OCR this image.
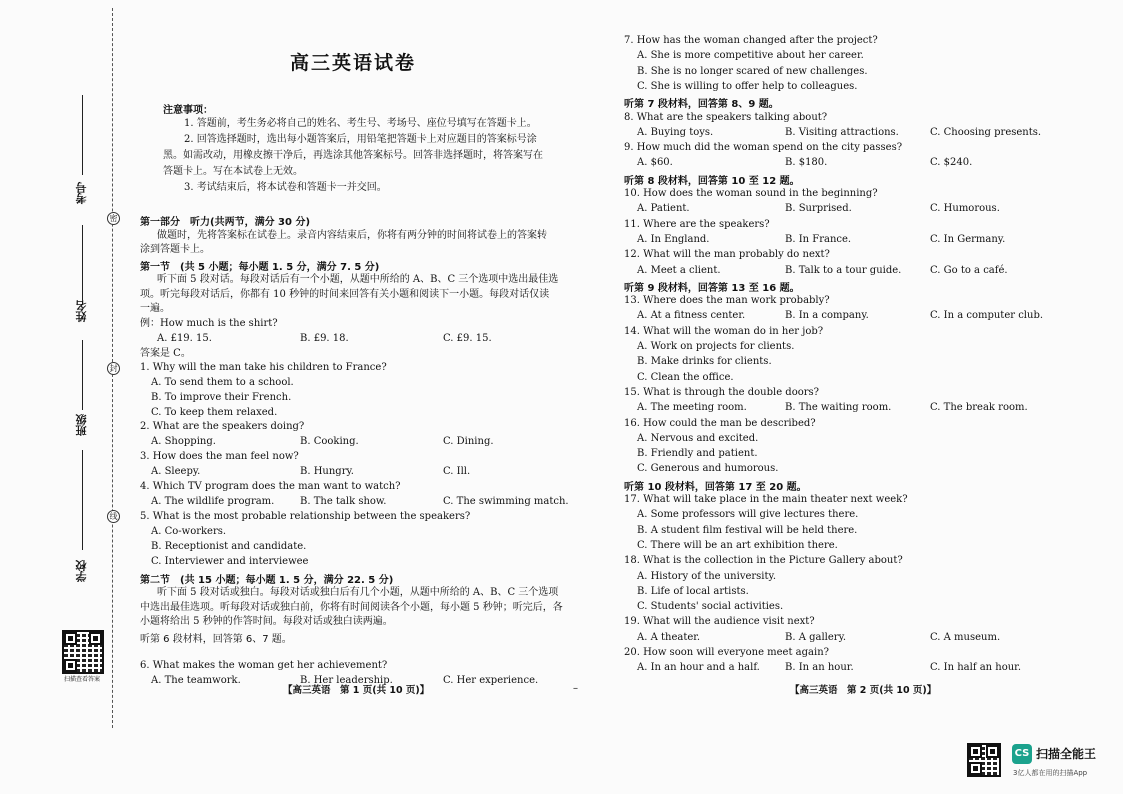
考号
姓名
班级
学校
密
封
线
扫描查看答案
高三英语试卷
注意事项：
1. 答题前，考生务必将自己的姓名、考生号、考场号、座位号填写在答题卡上。
2. 回答选择题时，选出每小题答案后，用铅笔把答题卡上对应题目的答案标号涂
黑。如需改动，用橡皮擦干净后，再选涂其他答案标号。回答非选择题时，将答案写在
答题卡上。写在本试卷上无效。
3. 考试结束后，将本试卷和答题卡一并交回。
第一部分　听力(共两节，满分 30 分)
做题时，先将答案标在试卷上。录音内容结束后，你将有两分钟的时间将试卷上的答案转
涂到答题卡上。
第一节　(共 5 小题；每小题 1. 5 分，满分 7. 5 分)
听下面 5 段对话。每段对话后有一个小题，从题中所给的 A、B、C 三个选项中选出最佳选
项。听完每段对话后，你都有 10 秒钟的时间来回答有关小题和阅读下一小题。每段对话仅读
一遍。
例：How much is the shirt?
A. £19. 15.	B. £9. 18.	C. £9. 15.
答案是 C。
1. Why will the man take his children to France?
A. To send them to a school.
B. To improve their French.
C. To keep them relaxed.
2. What are the speakers doing?
A. Shopping.	B. Cooking.	C. Dining.
3. How does the man feel now?
A. Sleepy.	B. Hungry.	C. Ill.
4. Which TV program does the man want to watch?
A. The wildlife program.	B. The talk show.	C. The swimming match.
5. What is the most probable relationship between the speakers?
A. Co-workers.
B. Receptionist and candidate.
C. Interviewer and interviewee
6. What makes the woman get her achievement?
A. The teamwork.	B. Her leadership.	C. Her experience.
第二节　(共 15 小题；每小题 1. 5 分，满分 22. 5 分)
听下面 5 段对话或独白。每段对话或独白后有几个小题，从题中所给的 A、B、C 三个选项
中选出最佳选项。听每段对话或独白前，你将有时间阅读各个小题，每小题 5 秒钟；听完后，各
小题将给出 5 秒钟的作答时间。每段对话或独白读两遍。
听第 6 段材料，回答第 6、7 题。
【高三英语　第 1 页(共 10 页)】	–
7. How has the woman changed after the project?
A. She is more competitive about her career.
B. She is no longer scared of new challenges.
C. She is willing to offer help to colleagues.
听第 7 段材料，回答第 8、9 题。
8. What are the speakers talking about?
A. Buying toys.	B. Visiting attractions.	C. Choosing presents.
9. How much did the woman spend on the city passes?
A. $60.	B. $180.	C. $240.
听第 8 段材料，回答第 10 至 12 题。
10. How does the woman sound in the beginning?
A. Patient.	B. Surprised.	C. Humorous.
11. Where are the speakers?
A. In England.	B. In France.	C. In Germany.
12. What will the man probably do next?
A. Meet a client.	B. Talk to a tour guide.	C. Go to a café.
听第 9 段材料，回答第 13 至 16 题。
13. Where does the man work probably?
A. At a fitness center.	B. In a company.	C. In a computer club.
14. What will the woman do in her job?
A. Work on projects for clients.
B. Make drinks for clients.
C. Clean the office.
15. What is through the double doors?
A. The meeting room.	B. The waiting room.	C. The break room.
16. How could the man be described?
A. Nervous and excited.
B. Friendly and patient.
C. Generous and humorous.
听第 10 段材料，回答第 17 至 20 题。
17. What will take place in the main theater next week?
A. Some professors will give lectures there.
B. A student film festival will be held there.
C. There will be an art exhibition there.
18. What is the collection in the Picture Gallery about?
A. History of the university.
B. Life of local artists.
C. Students' social activities.
19. What will the audience visit next?
A. A theater.	B. A gallery.	C. A museum.
20. How soon will everyone meet again?
A. In an hour and a half.	B. In an hour.	C. In half an hour.
【高三英语　第 2 页(共 10 页)】
CS 扫描全能王
3亿人都在用的扫描App
